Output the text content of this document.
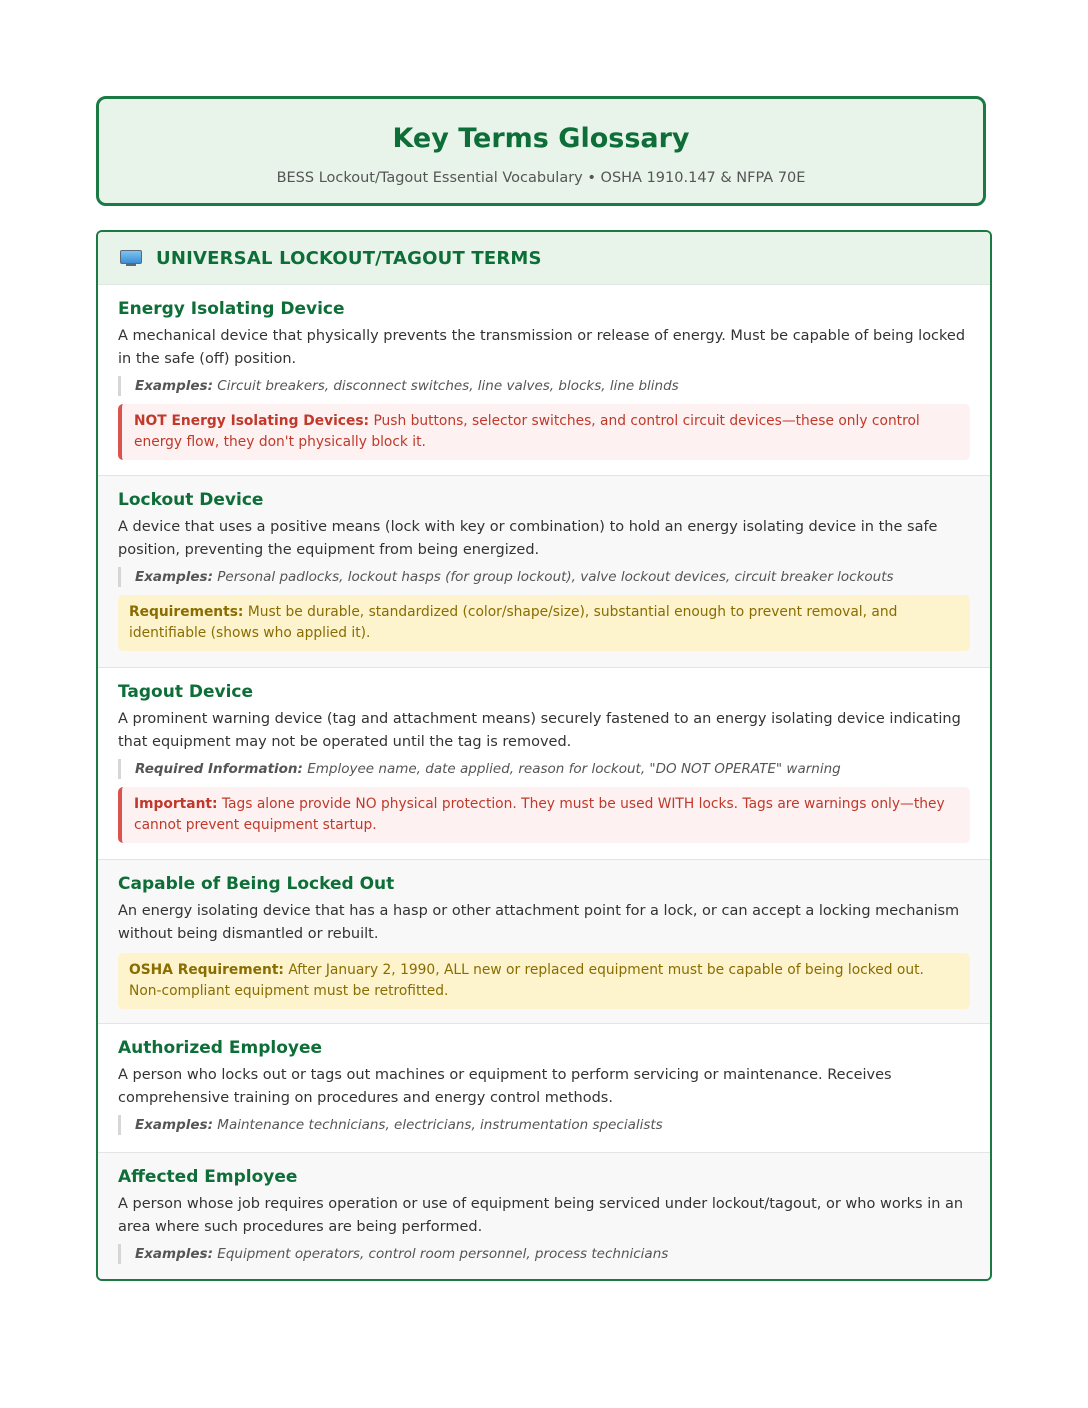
Key Terms Glossary
BESS Lockout/Tagout Essential Vocabulary • OSHA 1910.147 & NFPA 70E
UNIVERSAL LOCKOUT/TAGOUT TERMS
Energy Isolating Device

A mechanical device that physically prevents the transmission or release of energy. Must be capable of being locked in the safe (off) position.

Examples: Circuit breakers, disconnect switches, line valves, blocks, line blinds
NOT Energy Isolating Devices: Push buttons, selector switches, and control circuit devices—these only control energy flow, they don't physically block it.
Lockout Device

A device that uses a positive means (lock with key or combination) to hold an energy isolating device in the safe position, preventing the equipment from being energized.

Examples: Personal padlocks, lockout hasps (for group lockout), valve lockout devices, circuit breaker lockouts
Requirements: Must be durable, standardized (color/shape/size), substantial enough to prevent removal, and identifiable (shows who applied it).
Tagout Device

A prominent warning device (tag and attachment means) securely fastened to an energy isolating device indicating that equipment may not be operated until the tag is removed.

Required Information: Employee name, date applied, reason for lockout, "DO NOT OPERATE" warning
Important: Tags alone provide NO physical protection. They must be used WITH locks. Tags are warnings only—they cannot prevent equipment startup.
Capable of Being Locked Out

An energy isolating device that has a hasp or other attachment point for a lock, or can accept a locking mechanism without being dismantled or rebuilt.

OSHA Requirement: After January 2, 1990, ALL new or replaced equipment must be capable of being locked out. Non-compliant equipment must be retrofitted.
Authorized Employee

A person who locks out or tags out machines or equipment to perform servicing or maintenance. Receives comprehensive training on procedures and energy control methods.

Examples: Maintenance technicians, electricians, instrumentation specialists
Affected Employee

A person whose job requires operation or use of equipment being serviced under lockout/tagout, or who works in an area where such procedures are being performed.

Examples: Equipment operators, control room personnel, process technicians
